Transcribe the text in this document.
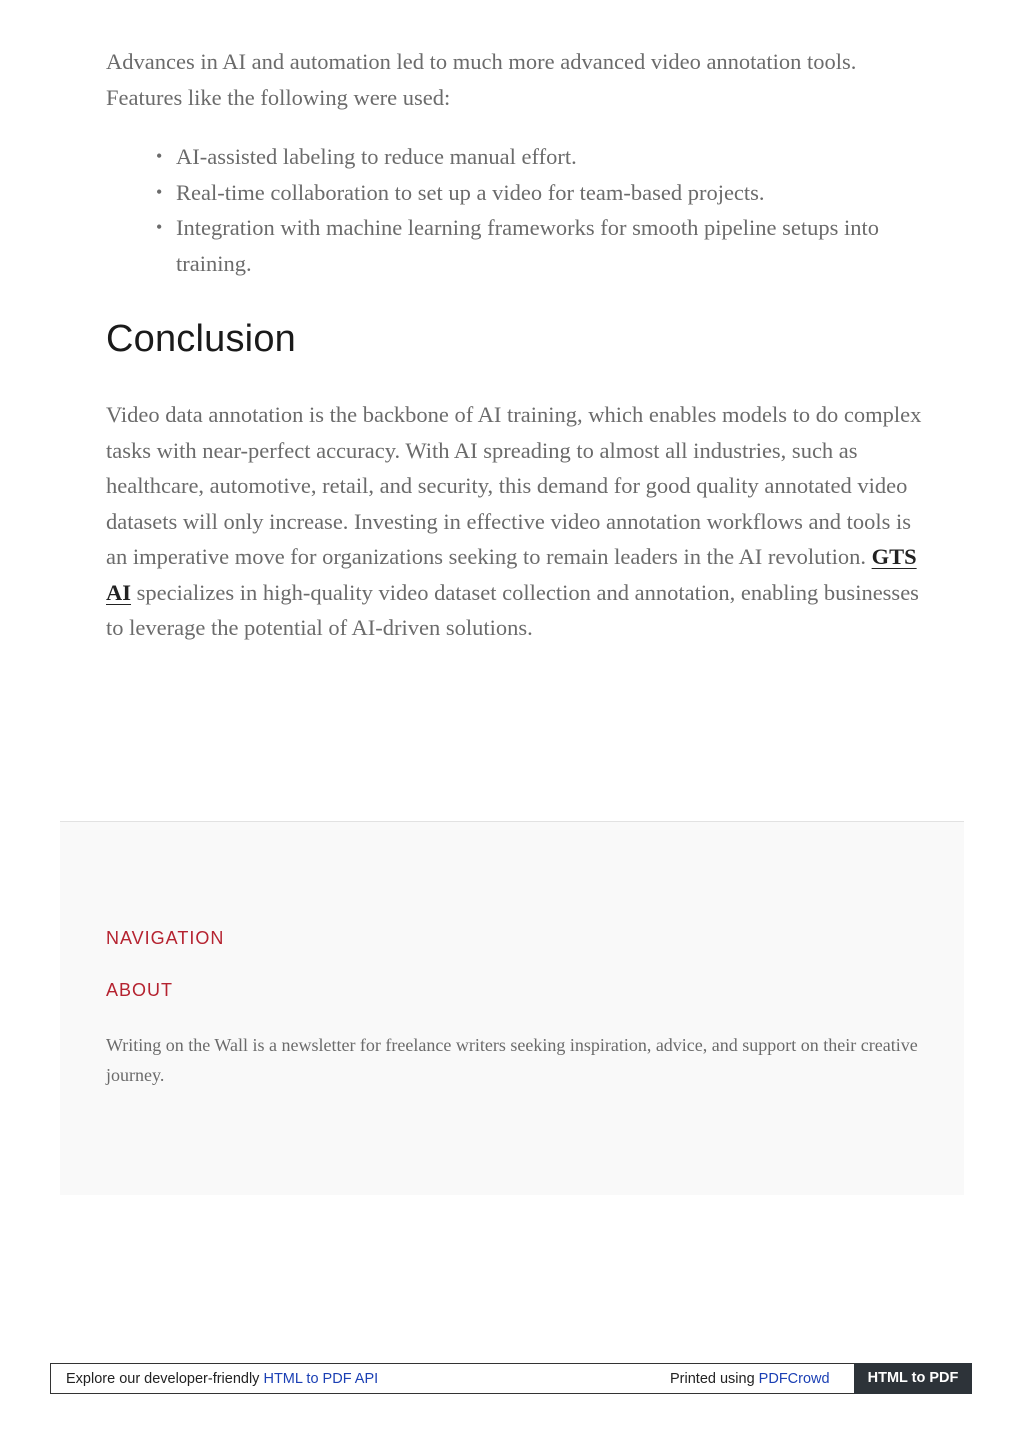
Advances in AI and automation led to much more advanced video annotation tools. Features like the following were used:

• AI-assisted labeling to reduce manual effort.
• Real-time collaboration to set up a video for team-based projects.
• Integration with machine learning frameworks for smooth pipeline setups into training.
Conclusion

Video data annotation is the backbone of AI training, which enables models to do complex tasks with near-perfect accuracy. With AI spreading to almost all industries, such as healthcare, automotive, retail, and security, this demand for good quality annotated video datasets will only increase. Investing in effective video annotation workflows and tools is an imperative move for organizations seeking to remain leaders in the AI revolution. GTS AI specializes in high-quality video dataset collection and annotation, enabling businesses to leverage the potential of AI-driven solutions.

NAVIGATION
ABOUT

Writing on the Wall is a newsletter for freelance writers seeking inspiration, advice, and support on their creative journey.

Explore our developer-friendly HTML to PDF API	Printed using PDFCrowd	HTML to PDF
